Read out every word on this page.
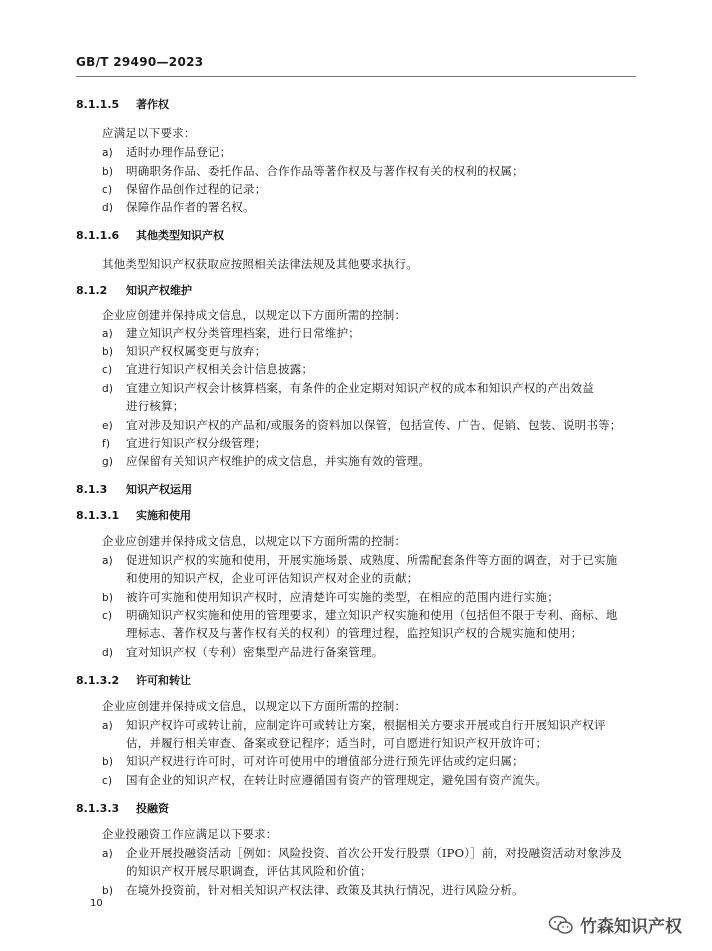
GB/T 29490—2023
8.1.1.5 著作权
应满足以下要求：
a) 适时办理作品登记；
b) 明确职务作品、委托作品、合作作品等著作权及与著作权有关的权利的权属；
c) 保留作品创作过程的记录；
d) 保障作品作者的署名权。
8.1.1.6 其他类型知识产权
其他类型知识产权获取应按照相关法律法规及其他要求执行。
8.1.2 知识产权维护
企业应创建并保持成文信息，以规定以下方面所需的控制：
a) 建立知识产权分类管理档案，进行日常维护；
b) 知识产权权属变更与放弃；
c) 宜进行知识产权相关会计信息披露；
d) 宜建立知识产权会计核算档案，有条件的企业定期对知识产权的成本和知识产权的产出效益
进行核算；
e) 宜对涉及知识产权的产品和/或服务的资料加以保管，包括宣传、广告、促销、包装、说明书等；
f) 宜进行知识产权分级管理；
g) 应保留有关知识产权维护的成文信息，并实施有效的管理。
8.1.3 知识产权运用
8.1.3.1 实施和使用
企业应创建并保持成文信息，以规定以下方面所需的控制：
a) 促进知识产权的实施和使用，开展实施场景、成熟度、所需配套条件等方面的调查，对于已实施
和使用的知识产权，企业可评估知识产权对企业的贡献；
b) 被许可实施和使用知识产权时，应清楚许可实施的类型，在相应的范围内进行实施；
c) 明确知识产权实施和使用的管理要求，建立知识产权实施和使用（包括但不限于专利、商标、地
理标志、著作权及与著作权有关的权利）的管理过程，监控知识产权的合规实施和使用；
d) 宜对知识产权（专利）密集型产品进行备案管理。
8.1.3.2 许可和转让
企业应创建并保持成文信息，以规定以下方面所需的控制：
a) 知识产权许可或转让前，应制定许可或转让方案，根据相关方要求开展或自行开展知识产权评
估，并履行相关审查、备案或登记程序；适当时，可自愿进行知识产权开放许可；
b) 知识产权进行许可时，可对许可使用中的增值部分进行预先评估或约定归属；
c) 国有企业的知识产权，在转让时应遵循国有资产的管理规定，避免国有资产流失。
8.1.3.3 投融资
企业投融资工作应满足以下要求：
a) 企业开展投融资活动［例如：风险投资、首次公开发行股票（IPO）］前，对投融资活动对象涉及
的知识产权开展尽职调查，评估其风险和价值；
b) 在境外投资前，针对相关知识产权法律、政策及其执行情况，进行风险分析。
10
竹森知识产权
